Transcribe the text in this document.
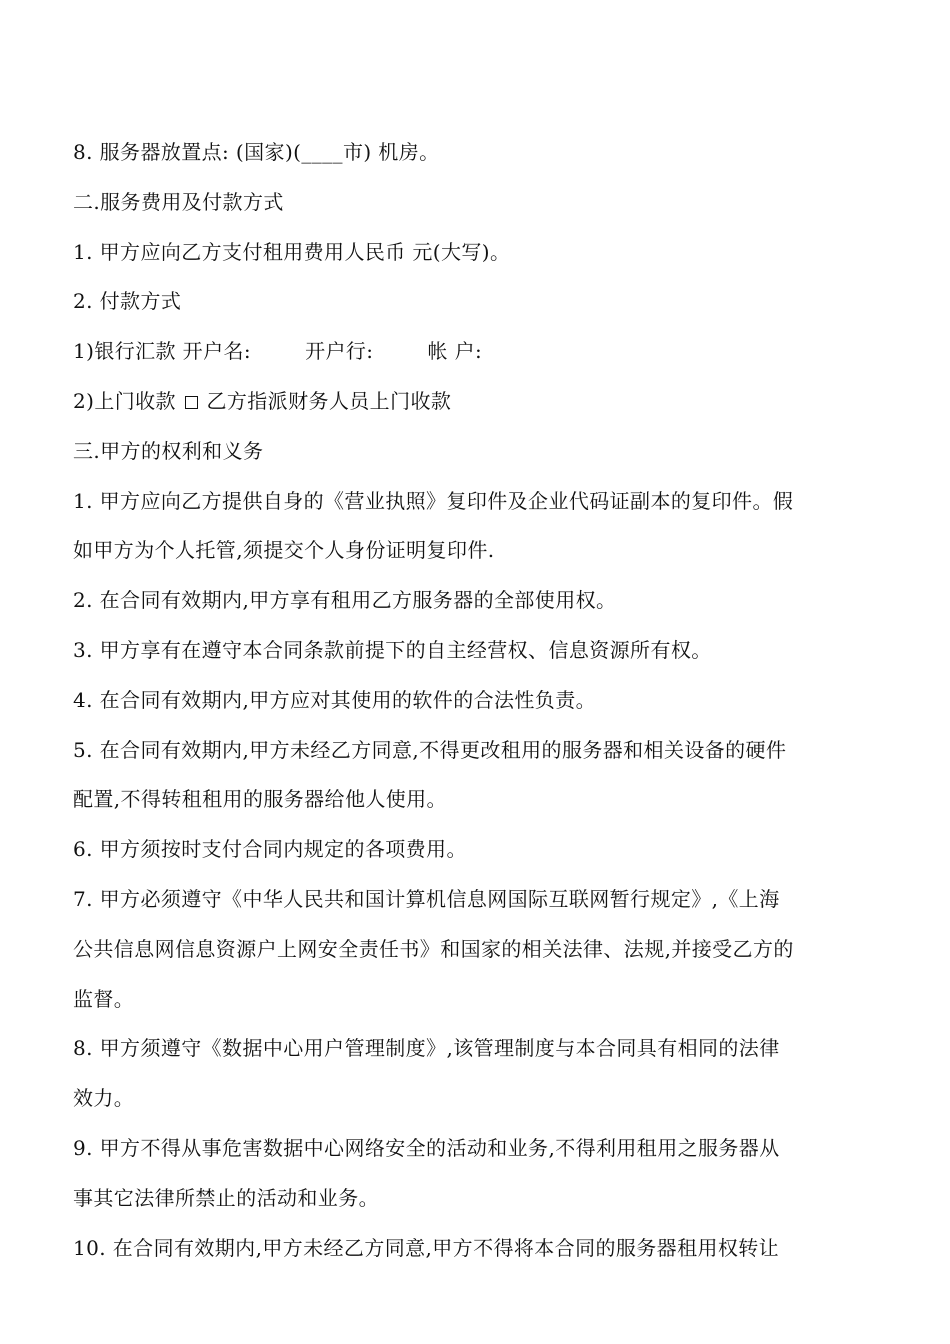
8. 服务器放置点: (国家)(____市) 机房。

二.服务费用及付款方式

1. 甲方应向乙方支付租用费用人民币 元(大写)。

2. 付款方式

1)银行汇款 开户名:        开户行:        帐 户:

2)上门收款 乙方指派财务人员上门收款

三.甲方的权利和义务

1. 甲方应向乙方提供自身的《营业执照》复印件及企业代码证副本的复印件。假

如甲方为个人托管,须提交个人身份证明复印件.

2. 在合同有效期内,甲方享有租用乙方服务器的全部使用权。

3. 甲方享有在遵守本合同条款前提下的自主经营权、信息资源所有权。

4. 在合同有效期内,甲方应对其使用的软件的合法性负责。

5. 在合同有效期内,甲方未经乙方同意,不得更改租用的服务器和相关设备的硬件

配置,不得转租租用的服务器给他人使用。

6. 甲方须按时支付合同内规定的各项费用。

7. 甲方必须遵守《中华人民共和国计算机信息网国际互联网暂行规定》,《上海

公共信息网信息资源户上网安全责任书》和国家的相关法律、法规,并接受乙方的

监督。

8. 甲方须遵守《数据中心用户管理制度》,该管理制度与本合同具有相同的法律

效力。

9. 甲方不得从事危害数据中心网络安全的活动和业务,不得利用租用之服务器从

事其它法律所禁止的活动和业务。

10. 在合同有效期内,甲方未经乙方同意,甲方不得将本合同的服务器租用权转让
